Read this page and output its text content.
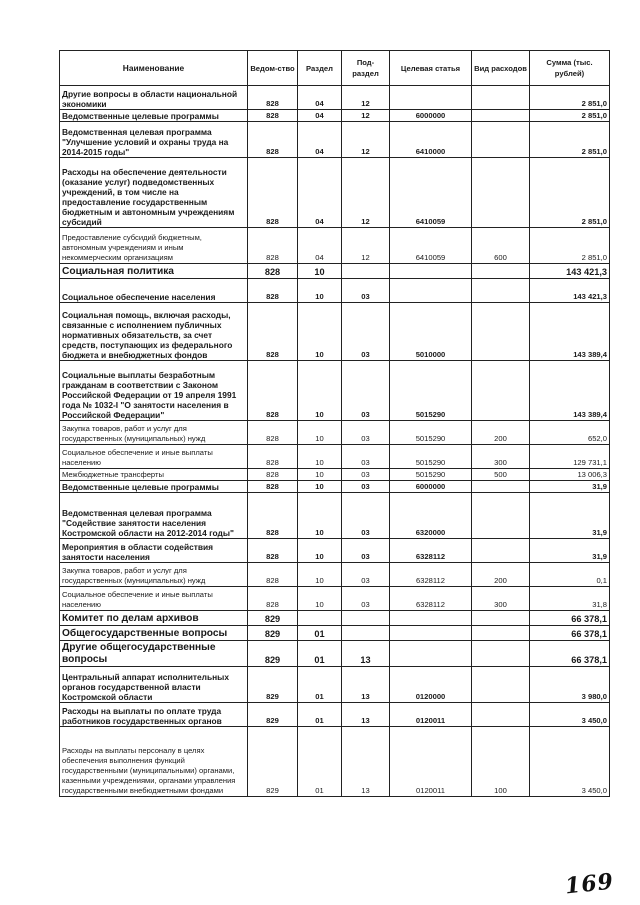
Наименование	Ведом-ство	Раздел	Под-раздел	Целевая статья	Вид расходов	Сумма (тыс. рублей)
Другие вопросы в области национальной экономики	828	04	12			2 851,0
Ведомственные целевые программы	828	04	12	6000000		2 851,0
Ведомственная целевая программа "Улучшение условий и охраны труда на 2014-2015 годы"	828	04	12	6410000		2 851,0
Расходы на обеспечение деятельности (оказание услуг) подведомственных учреждений, в том числе на предоставление государственным бюджетным и автономным учреждениям субсидий	828	04	12	6410059		2 851,0
Предоставление субсидий бюджетным, автономным учреждениям и иным некоммерческим организациям	828	04	12	6410059	600	2 851,0
Социальная политика	828	10				143 421,3
Социальное обеспечение населения	828	10	03			143 421,3
Социальная помощь, включая расходы, связанные с исполнением публичных нормативных обязательств, за счет средств, поступающих из федерального бюджета и внебюджетных фондов	828	10	03	5010000		143 389,4
Социальные выплаты безработным гражданам в соответствии с Законом Российской Федерации от 19 апреля 1991 года № 1032-I "О занятости населения в Российской Федерации"	828	10	03	5015290		143 389,4
Закупка товаров, работ и услуг для государственных (муниципальных) нужд	828	10	03	5015290	200	652,0
Социальное обеспечение и иные выплаты населению	828	10	03	5015290	300	129 731,1
Межбюджетные трансферты	828	10	03	5015290	500	13 006,3
Ведомственные целевые программы	828	10	03	6000000		31,9
Ведомственная целевая программа "Содействие занятости населения Костромской области на 2012-2014 годы"	828	10	03	6320000		31,9
Мероприятия в области содействия занятости населения	828	10	03	6328112		31,9
Закупка товаров, работ и услуг для государственных (муниципальных) нужд	828	10	03	6328112	200	0,1
Социальное обеспечение и иные выплаты населению	828	10	03	6328112	300	31,8
Комитет по делам архивов	829					66 378,1
Общегосударственные вопросы	829	01				66 378,1
Другие общегосударственные вопросы	829	01	13			66 378,1
Центральный аппарат исполнительных органов государственной власти Костромской области	829	01	13	0120000		3 980,0
Расходы на выплаты по оплате труда работников государственных органов	829	01	13	0120011		3 450,0
Расходы на выплаты персоналу в целях обеспечения выполнения функций государственными (муниципальными) органами, казенными учреждениями, органами управления государственными внебюджетными фондами	829	01	13	0120011	100	3 450,0
169
